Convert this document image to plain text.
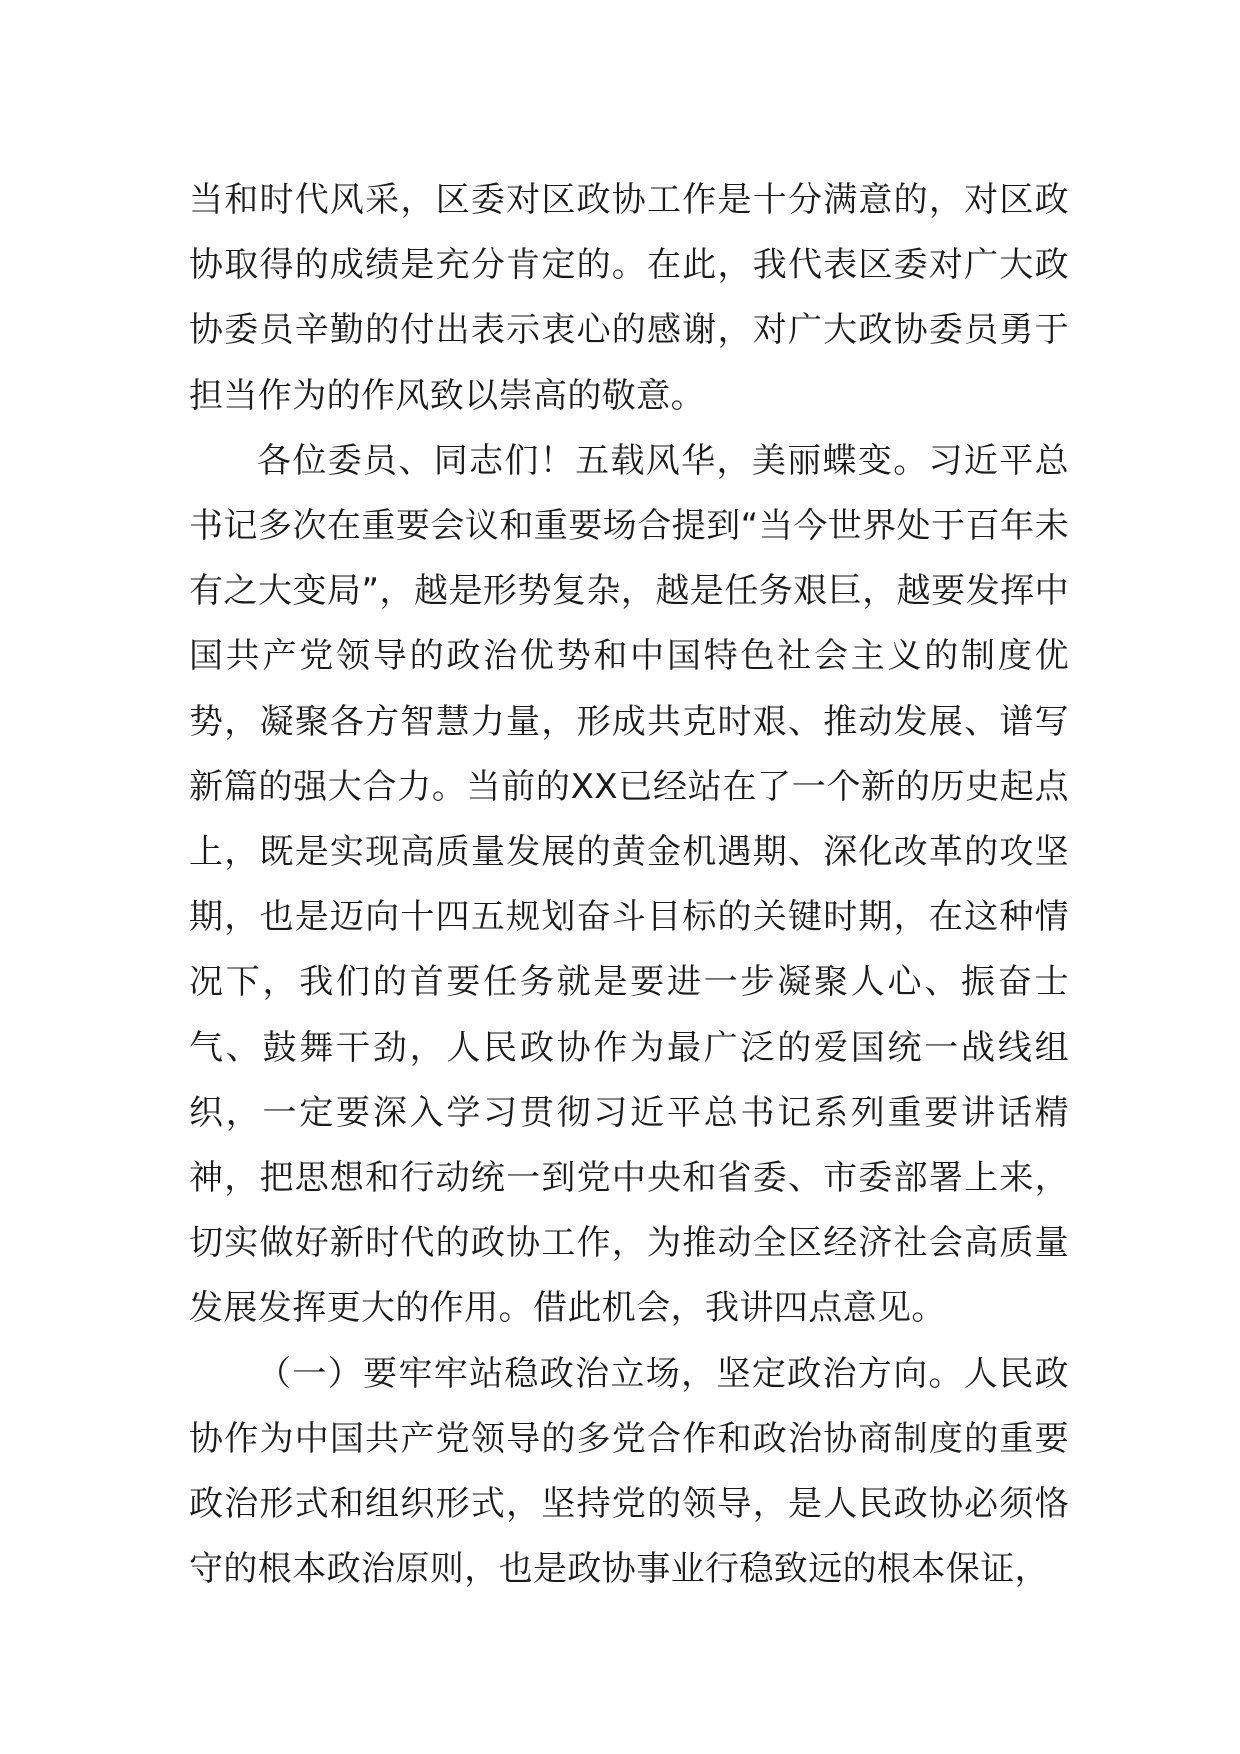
当和时代风采，区委对区政协工作是十分满意的，对区政协取得的成绩是充分肯定的。在此，我代表区委对广大政协委员辛勤的付出表示衷心的感谢，对广大政协委员勇于担当作为的作风致以崇高的敬意。

各位委员、同志们！五载风华，美丽蝶变。习近平总书记多次在重要会议和重要场合提到“当今世界处于百年未有之大变局”，越是形势复杂，越是任务艰巨，越要发挥中国共产党领导的政治优势和中国特色社会主义的制度优势，凝聚各方智慧力量，形成共克时艰、推动发展、谱写新篇的强大合力。当前的XX已经站在了一个新的历史起点上，既是实现高质量发展的黄金机遇期、深化改革的攻坚期，也是迈向十四五规划奋斗目标的关键时期，在这种情况下，我们的首要任务就是要进一步凝聚人心、振奋士气、鼓舞干劲，人民政协作为最广泛的爱国统一战线组织，一定要深入学习贯彻习近平总书记系列重要讲话精神，把思想和行动统一到党中央和省委、市委部署上来，切实做好新时代的政协工作，为推动全区经济社会高质量发展发挥更大的作用。借此机会，我讲四点意见。

（一）要牢牢站稳政治立场，坚定政治方向。人民政协作为中国共产党领导的多党合作和政治协商制度的重要政治形式和组织形式，坚持党的领导，是人民政协必须恪守的根本政治原则，也是政协事业行稳致远的根本保证，
